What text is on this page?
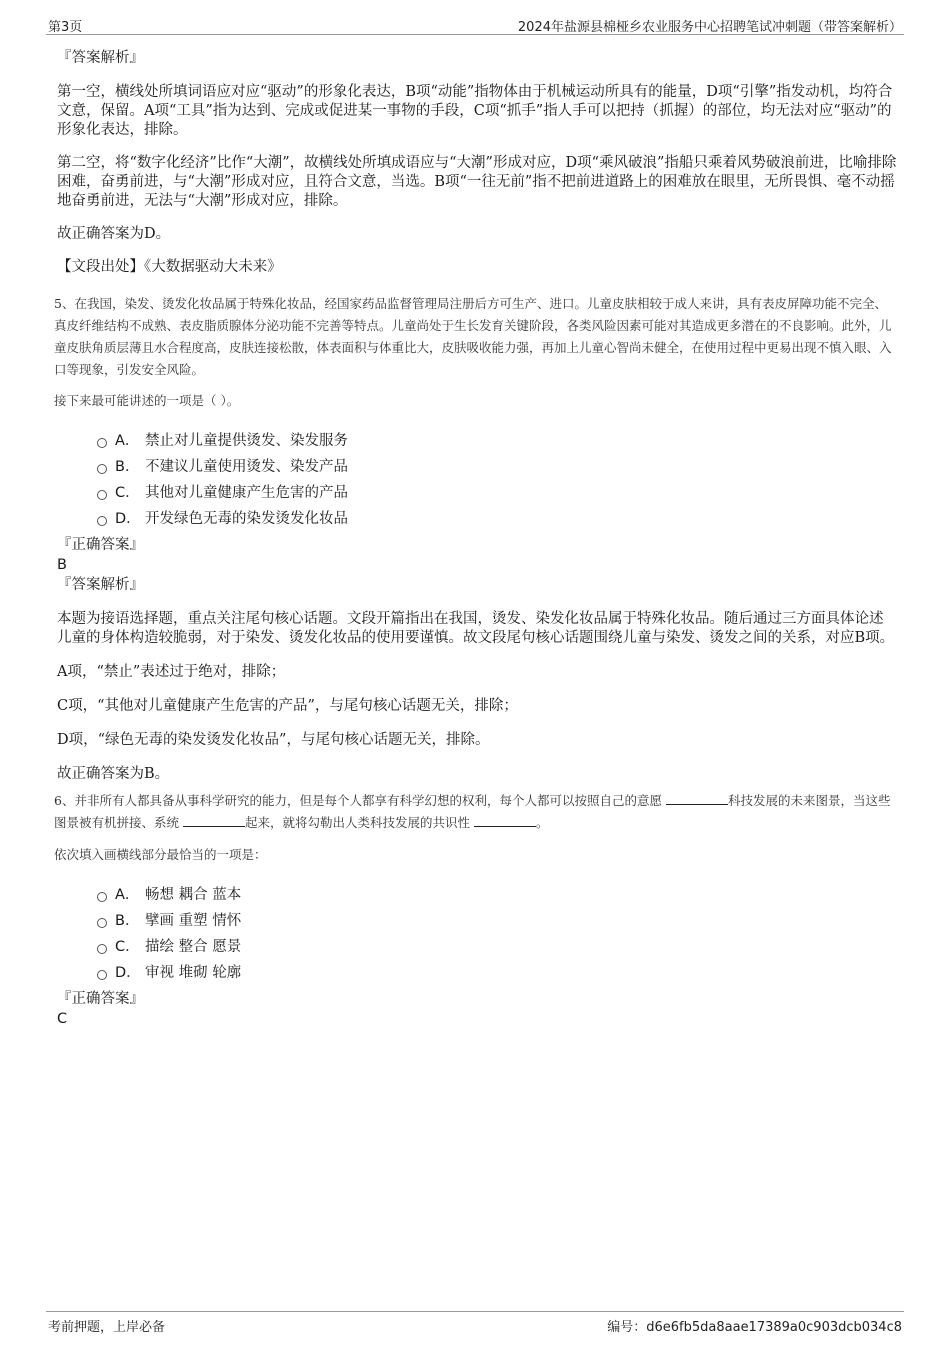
第3页	2024年盐源县棉桠乡农业服务中心招聘笔试冲刺题（带答案解析）

『答案解析』

第一空，横线处所填词语应对应“驱动”的形象化表达，B项“动能”指物体由于机械运动所具有的能量，D项“引擎”指发动机，均符合文意，保留。A项“工具”指为达到、完成或促进某一事物的手段，C项“抓手”指人手可以把持（抓握）的部位，均无法对应“驱动”的形象化表达，排除。

第二空，将“数字化经济”比作“大潮”，故横线处所填成语应与“大潮”形成对应，D项“乘风破浪”指船只乘着风势破浪前进，比喻排除困难，奋勇前进，与“大潮”形成对应，且符合文意，当选。B项“一往无前”指不把前进道路上的困难放在眼里，无所畏惧、毫不动摇地奋勇前进，无法与“大潮”形成对应，排除。

故正确答案为D。

【文段出处】《大数据驱动大未来》

5、在我国，染发、烫发化妆品属于特殊化妆品，经国家药品监督管理局注册后方可生产、进口。儿童皮肤相较于成人来讲，具有表皮屏障功能不完全、真皮纤维结构不成熟、表皮脂质腺体分泌功能不完善等特点。儿童尚处于生长发育关键阶段，各类风险因素可能对其造成更多潜在的不良影响。此外，儿童皮肤角质层薄且水合程度高，皮肤连接松散，体表面积与体重比大，皮肤吸收能力强，再加上儿童心智尚未健全，在使用过程中更易出现不慎入眼、入口等现象，引发安全风险。

接下来最可能讲述的一项是（ ）。

A． 禁止对儿童提供烫发、染发服务
B． 不建议儿童使用烫发、染发产品
C． 其他对儿童健康产生危害的产品
D． 开发绿色无毒的染发烫发化妆品

『正确答案』

B

『答案解析』

本题为接语选择题，重点关注尾句核心话题。文段开篇指出在我国，烫发、染发化妆品属于特殊化妆品。随后通过三方面具体论述儿童的身体构造较脆弱，对于染发、烫发化妆品的使用要谨慎。故文段尾句核心话题围绕儿童与染发、烫发之间的关系，对应B项。

A项，“禁止”表述过于绝对，排除；

C项，“其他对儿童健康产生危害的产品”，与尾句核心话题无关，排除；

D项，“绿色无毒的染发烫发化妆品”，与尾句核心话题无关，排除。

故正确答案为B。

6、并非所有人都具备从事科学研究的能力，但是每个人都享有科学幻想的权利，每个人都可以按照自己的意愿	科技发展的未来图景，当这些图景被有机拼接、系统	起来，就将勾勒出人类科技发展的共识性	。

依次填入画横线部分最恰当的一项是：

A． 畅想 耦合 蓝本
B． 擘画 重塑 情怀
C． 描绘 整合 愿景
D． 审视 堆砌 轮廓

『正确答案』

C

考前押题，上岸必备	编号：d6e6fb5da8aae17389a0c903dcb034c8
